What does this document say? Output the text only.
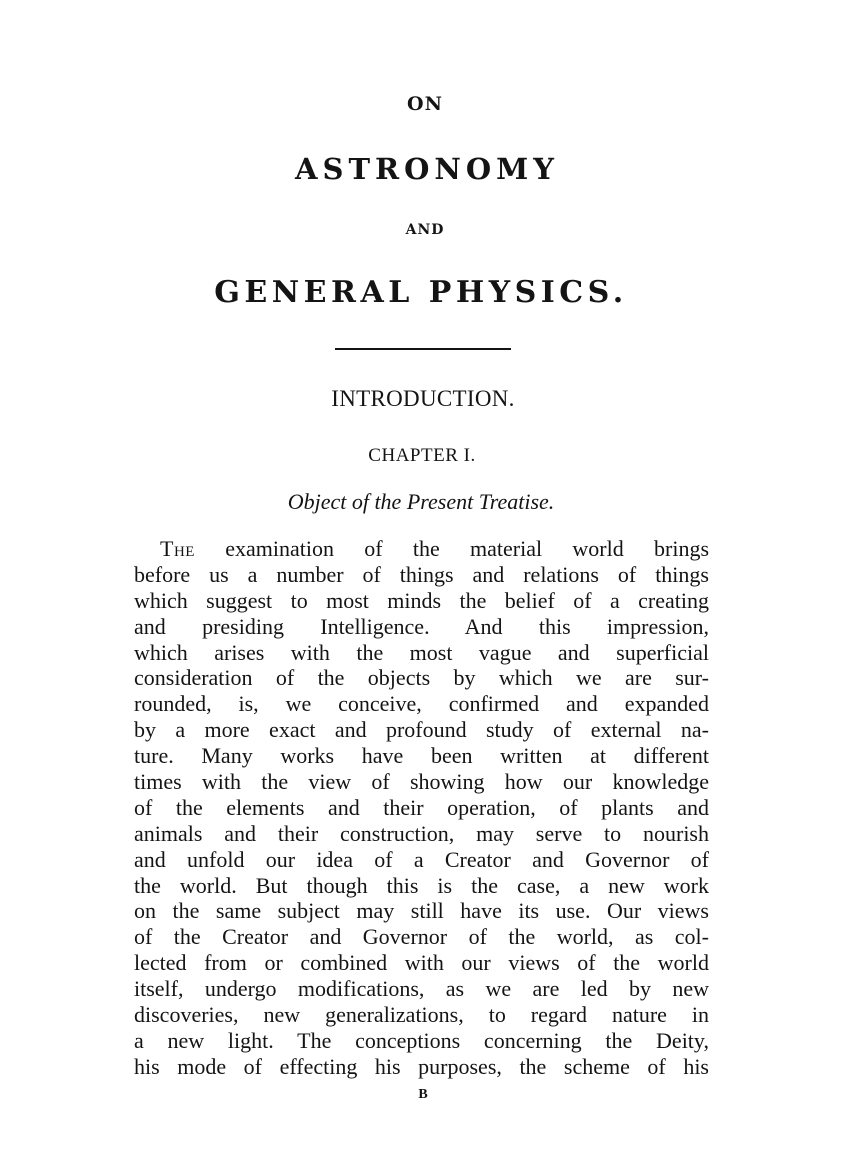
ON
ASTRONOMY
AND
GENERAL PHYSICS.
INTRODUCTION.
CHAPTER I.
Object of the Present Treatise.
The examination of the material world brings
before us a number of things and relations of things
which suggest to most minds the belief of a creating
and presiding Intelligence. And this impression,
which arises with the most vague and superficial
consideration of the objects by which we are sur-
rounded, is, we conceive, confirmed and expanded
by a more exact and profound study of external na-
ture. Many works have been written at different
times with the view of showing how our knowledge
of the elements and their operation, of plants and
animals and their construction, may serve to nourish
and unfold our idea of a Creator and Governor of
the world. But though this is the case, a new work
on the same subject may still have its use. Our views
of the Creator and Governor of the world, as col-
lected from or combined with our views of the world
itself, undergo modifications, as we are led by new
discoveries, new generalizations, to regard nature in
a new light. The conceptions concerning the Deity,
his mode of effecting his purposes, the scheme of his
B
